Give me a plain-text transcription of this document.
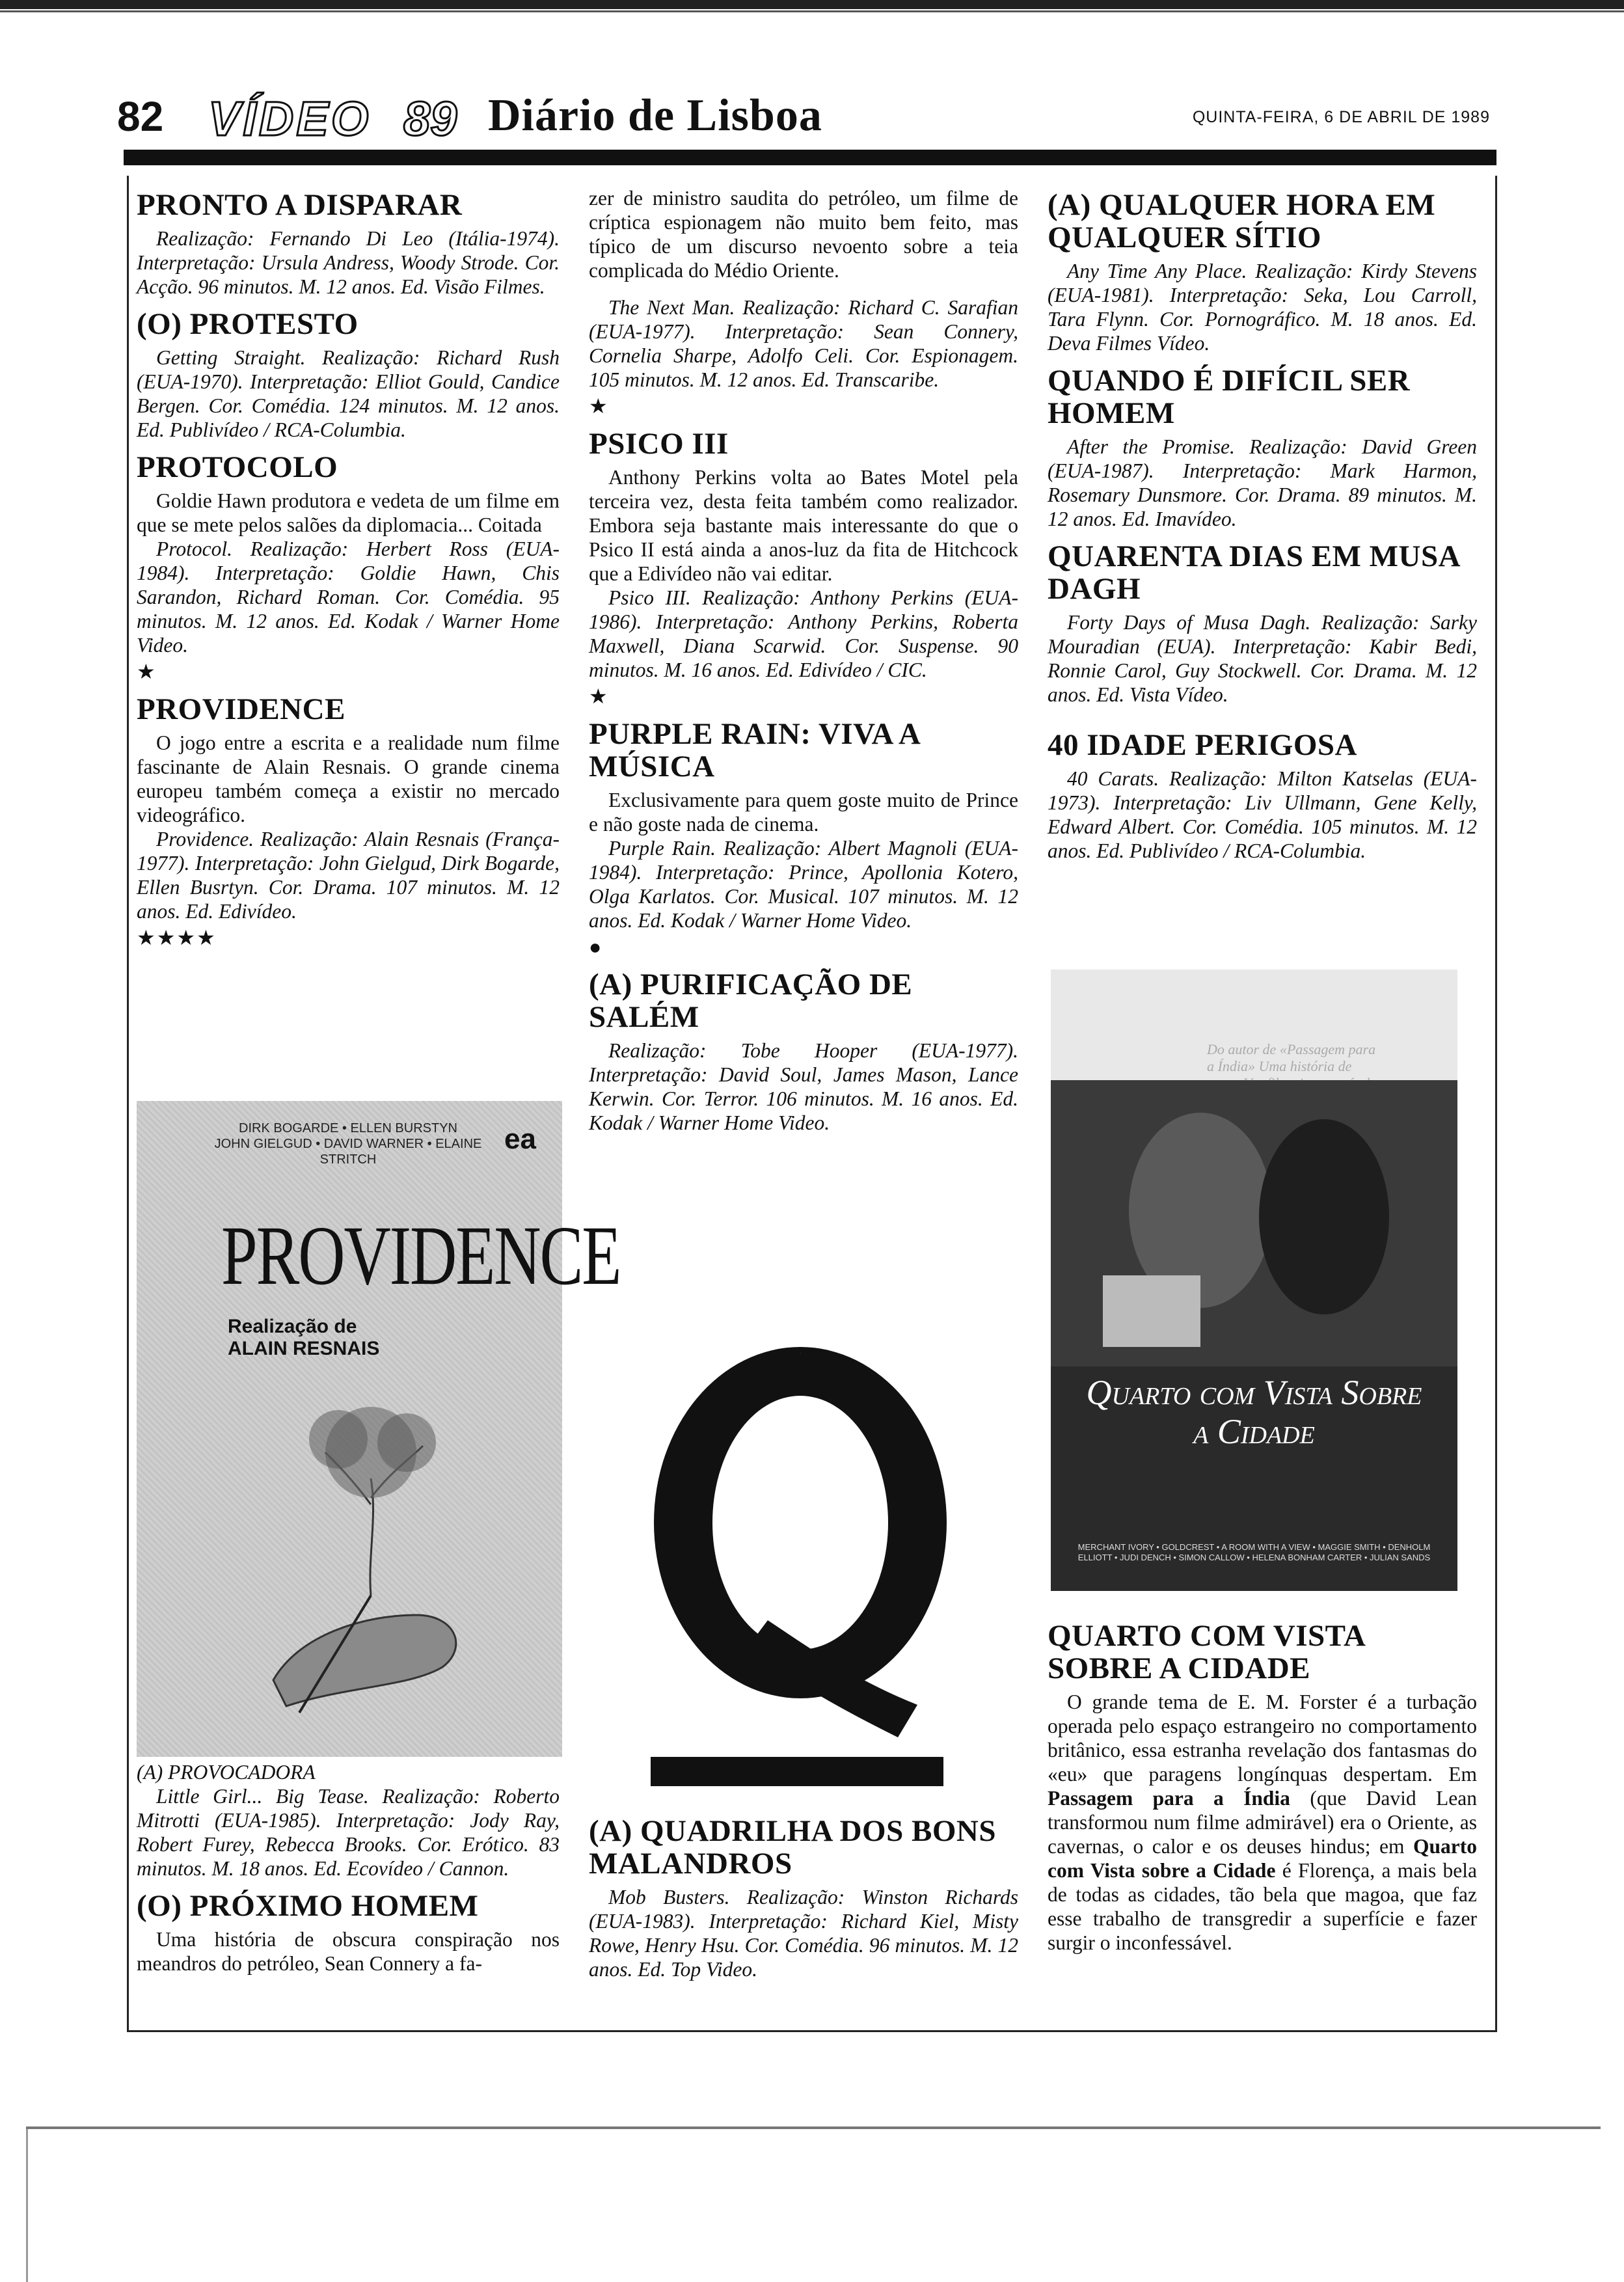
82 VÍDEO 89 Diário de Lisboa	QUINTA-FEIRA, 6 DE ABRIL DE 1989
PRONTO A DISPARAR

Realização: Fernando Di Leo (Itália-1974). Interpretação: Ursula Andress, Woody Strode. Cor. Acção. 96 minutos. M. 12 anos. Ed. Visão Filmes.

(O) PROTESTO

Getting Straight. Realização: Richard Rush (EUA-1970). Interpretação: Elliot Gould, Candice Bergen. Cor. Comédia. 124 minutos. M. 12 anos. Ed. Publivídeo / RCA-Columbia.

PROTOCOLO

Goldie Hawn produtora e vedeta de um filme em que se mete pelos salões da diplomacia... Coitada

Protocol. Realização: Herbert Ross (EUA-1984). Interpretação: Goldie Hawn, Chis Sarandon, Richard Roman. Cor. Comédia. 95 minutos. M. 12 anos. Ed. Kodak / Warner Home Video.

★
PROVIDENCE

O jogo entre a escrita e a realidade num filme fascinante de Alain Resnais. O grande cinema europeu também começa a existir no mercado videográfico.

Providence. Realização: Alain Resnais (França-1977). Interpretação: John Gielgud, Dirk Bogarde, Ellen Busrtyn. Cor. Drama. 107 minutos. M. 12 anos. Ed. Edivídeo.

★★★★
DIRK BOGARDE • ELLEN BURSTYN
JOHN GIELGUD • DAVID WARNER • ELAINE STRITCH
ea
PROVIDENCE
Realização de
ALAIN RESNAIS

(A) PROVOCADORA

Little Girl... Big Tease. Realização: Roberto Mitrotti (EUA-1985). Interpretação: Jody Ray, Robert Furey, Rebecca Brooks. Cor. Erótico. 83 minutos. M. 18 anos. Ed. Ecovídeo / Cannon.

(O) PRÓXIMO HOMEM

Uma história de obscura conspiração nos meandros do petróleo, Sean Connery a fa-

zer de ministro saudita do petróleo, um filme de críptica espionagem não muito bem feito, mas típico de um discurso nevoento sobre a teia complicada do Médio Oriente.

The Next Man. Realização: Richard C. Sarafian (EUA-1977). Interpretação: Sean Connery, Cornelia Sharpe, Adolfo Celi. Cor. Espionagem. 105 minutos. M. 12 anos. Ed. Transcaribe.

★
PSICO III

Anthony Perkins volta ao Bates Motel pela terceira vez, desta feita também como realizador. Embora seja bastante mais interessante do que o Psico II está ainda a anos-luz da fita de Hitchcock que a Edivídeo não vai editar.

Psico III. Realização: Anthony Perkins (EUA-1986). Interpretação: Anthony Perkins, Roberta Maxwell, Diana Scarwid. Cor. Suspense. 90 minutos. M. 16 anos. Ed. Edivídeo / CIC.

★
PURPLE RAIN: VIVA A MÚSICA

Exclusivamente para quem goste muito de Prince e não goste nada de cinema.

Purple Rain. Realização: Albert Magnoli (EUA-1984). Interpretação: Prince, Apollonia Kotero, Olga Karlatos. Cor. Musical. 107 minutos. M. 12 anos. Ed. Kodak / Warner Home Video.

●
(A) PURIFICAÇÃO DE SALÉM

Realização: Tobe Hooper (EUA-1977). Interpretação: David Soul, James Mason, Lance Kerwin. Cor. Terror. 106 minutos. M. 16 anos. Ed. Kodak / Warner Home Video.

Q
(A) QUADRILHA DOS BONS MALANDROS

Mob Busters. Realização: Winston Richards (EUA-1983). Interpretação: Richard Kiel, Misty Rowe, Henry Hsu. Cor. Comédia. 96 minutos. M. 12 anos. Ed. Top Video.

(A) QUALQUER HORA EM QUALQUER SÍTIO

Any Time Any Place. Realização: Kirdy Stevens (EUA-1981). Interpretação: Seka, Lou Carroll, Tara Flynn. Cor. Pornográfico. M. 18 anos. Ed. Deva Filmes Vídeo.

QUANDO É DIFÍCIL SER HOMEM

After the Promise. Realização: David Green (EUA-1987). Interpretação: Mark Harmon, Rosemary Dunsmore. Cor. Drama. 89 minutos. M. 12 anos. Ed. Imavídeo.

QUARENTA DIAS EM MUSA DAGH

Forty Days of Musa Dagh. Realização: Sarky Mouradian (EUA). Interpretação: Kabir Bedi, Ronnie Carol, Guy Stockwell. Cor. Drama. M. 12 anos. Ed. Vista Vídeo.

40 IDADE PERIGOSA

40 Carats. Realização: Milton Katselas (EUA-1973). Interpretação: Liv Ullmann, Gene Kelly, Edward Albert. Cor. Comédia. 105 minutos. M. 12 anos. Ed. Publivídeo / RCA-Columbia.

Do autor de «Passagem para a Índia» Uma história de
Quarto com Vista Sobre a Cidade
MERCHANT IVORY • GOLDCREST • A ROOM WITH A VIEW • MAGGIE SMITH • DENHOLM ELLIOTT • JUDI DENCH • SIMON CALLOW • HELENA BONHAM CARTER • JULIAN SANDS
QUARTO COM VISTA SOBRE A CIDADE

O grande tema de E. M. Forster é a turbação operada pelo espaço estrangeiro no comportamento britânico, essa estranha revelação dos fantasmas do «eu» que paragens longínquas despertam. Em Passagem para a Índia (que David Lean transformou num filme admirável) era o Oriente, as cavernas, o calor e os deuses hindus; em Quarto com Vista sobre a Cidade é Florença, a mais bela de todas as cidades, tão bela que magoa, que faz esse trabalho de transgredir a superfície e fazer surgir o inconfessável.
